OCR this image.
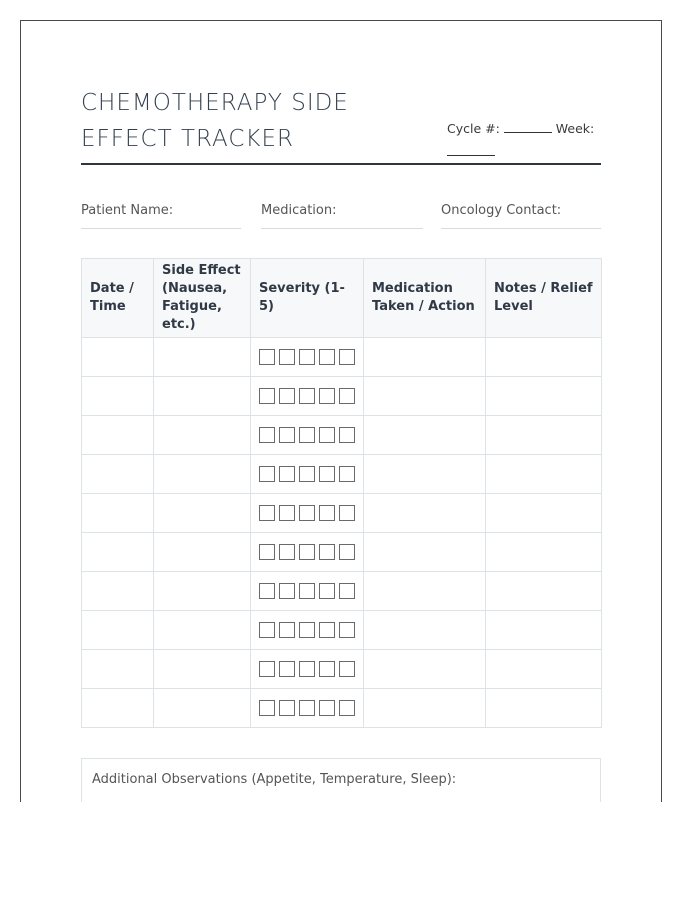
CHEMOTHERAPY SIDE EFFECT TRACKER	Cycle #:	Week:

Patient Name:	Medication:	Oncology Contact:
Date / Time	Side Effect (Nausea, Fatigue, etc.)	Severity (1-5)	Medication Taken / Action	Notes / Relief Level

Additional Observations (Appetite, Temperature, Sleep):
